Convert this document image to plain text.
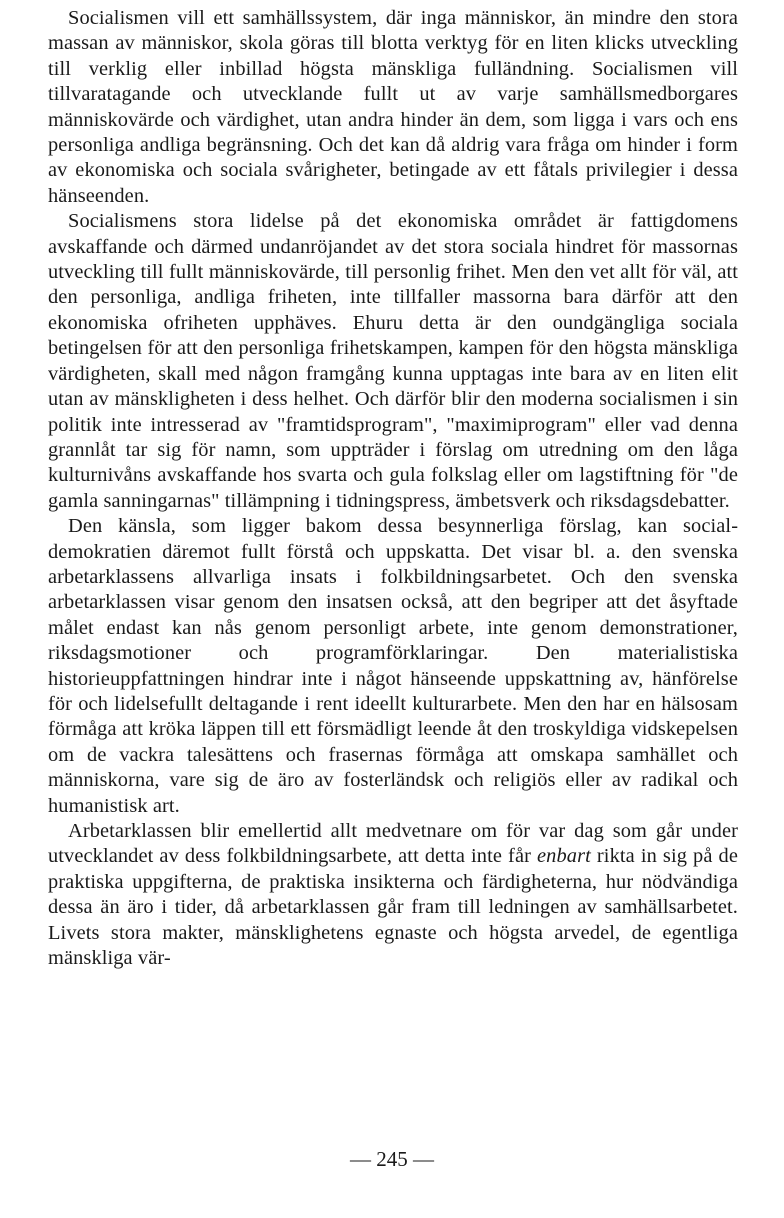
Socialismen vill ett samhällssystem, där inga människor, än mindre den stora massan av människor, skola göras till blotta verktyg för en liten klicks utveckling till verklig eller inbillad högsta mänskliga fulländning. Socialismen vill tillvaratagande och utvecklande fullt ut av varje samhällsmedborgares människovärde och värdighet, utan andra hinder än dem, som ligga i vars och ens personliga andliga begränsning. Och det kan då aldrig vara fråga om hinder i form av ekonomiska och sociala svårigheter, betingade av ett fåtals privilegier i dessa hänseenden.

Socialismens stora lidelse på det ekonomiska området är fattigdomens avskaffande och därmed undanröjandet av det stora sociala hindret för massornas utveckling till fullt människovärde, till personlig frihet. Men den vet allt för väl, att den personliga, andliga friheten, inte tillfaller massorna bara därför att den ekonomiska ofriheten upphäves. Ehuru detta är den oundgängliga sociala betingelsen för att den personliga frihetskampen, kampen för den högsta mänskliga värdigheten, skall med någon framgång kunna upptagas inte bara av en liten elit utan av mänskligheten i dess helhet. Och därför blir den moderna socialismen i sin politik inte intresserad av "framtidsprogram", "maximiprogram" eller vad denna grannlåt tar sig för namn, som uppträder i förslag om utredning om den låga kulturnivåns avskaffande hos svarta och gula folkslag eller om lagstiftning för "de gamla sanningarnas" tillämpning i tidningspress, ämbetsverk och riksdagsdebatter.

Den känsla, som ligger bakom dessa besynnerliga förslag, kan socialdemokratien däremot fullt förstå och uppskatta. Det visar bl. a. den svenska arbetarklassens allvarliga insats i folkbildningsarbetet. Och den svenska arbetarklassen visar genom den insatsen också, att den begriper att det åsyftade målet endast kan nås genom personligt arbete, inte genom demonstrationer, riksdagsmotioner och programförklaringar. Den materialistiska historieuppfattningen hindrar inte i något hänseende uppskattning av, hänförelse för och lidelsefullt deltagande i rent ideellt kulturarbete. Men den har en hälsosam förmåga att kröka läppen till ett försmädligt leende åt den troskyldiga vidskepelsen om de vackra talesättens och frasernas förmåga att omskapa samhället och människorna, vare sig de äro av fosterländsk och religiös eller av radikal och humanistisk art.

Arbetarklassen blir emellertid allt medvetnare om för var dag som går under utvecklandet av dess folkbildningsarbete, att detta inte får enbart rikta in sig på de praktiska uppgifterna, de praktiska insikterna och färdigheterna, hur nödvändiga dessa än äro i tider, då arbetarklassen går fram till ledningen av samhällsarbetet. Livets stora makter, mänsklighetens egnaste och högsta arvedel, de egentliga mänskliga vär-

— 245 —
